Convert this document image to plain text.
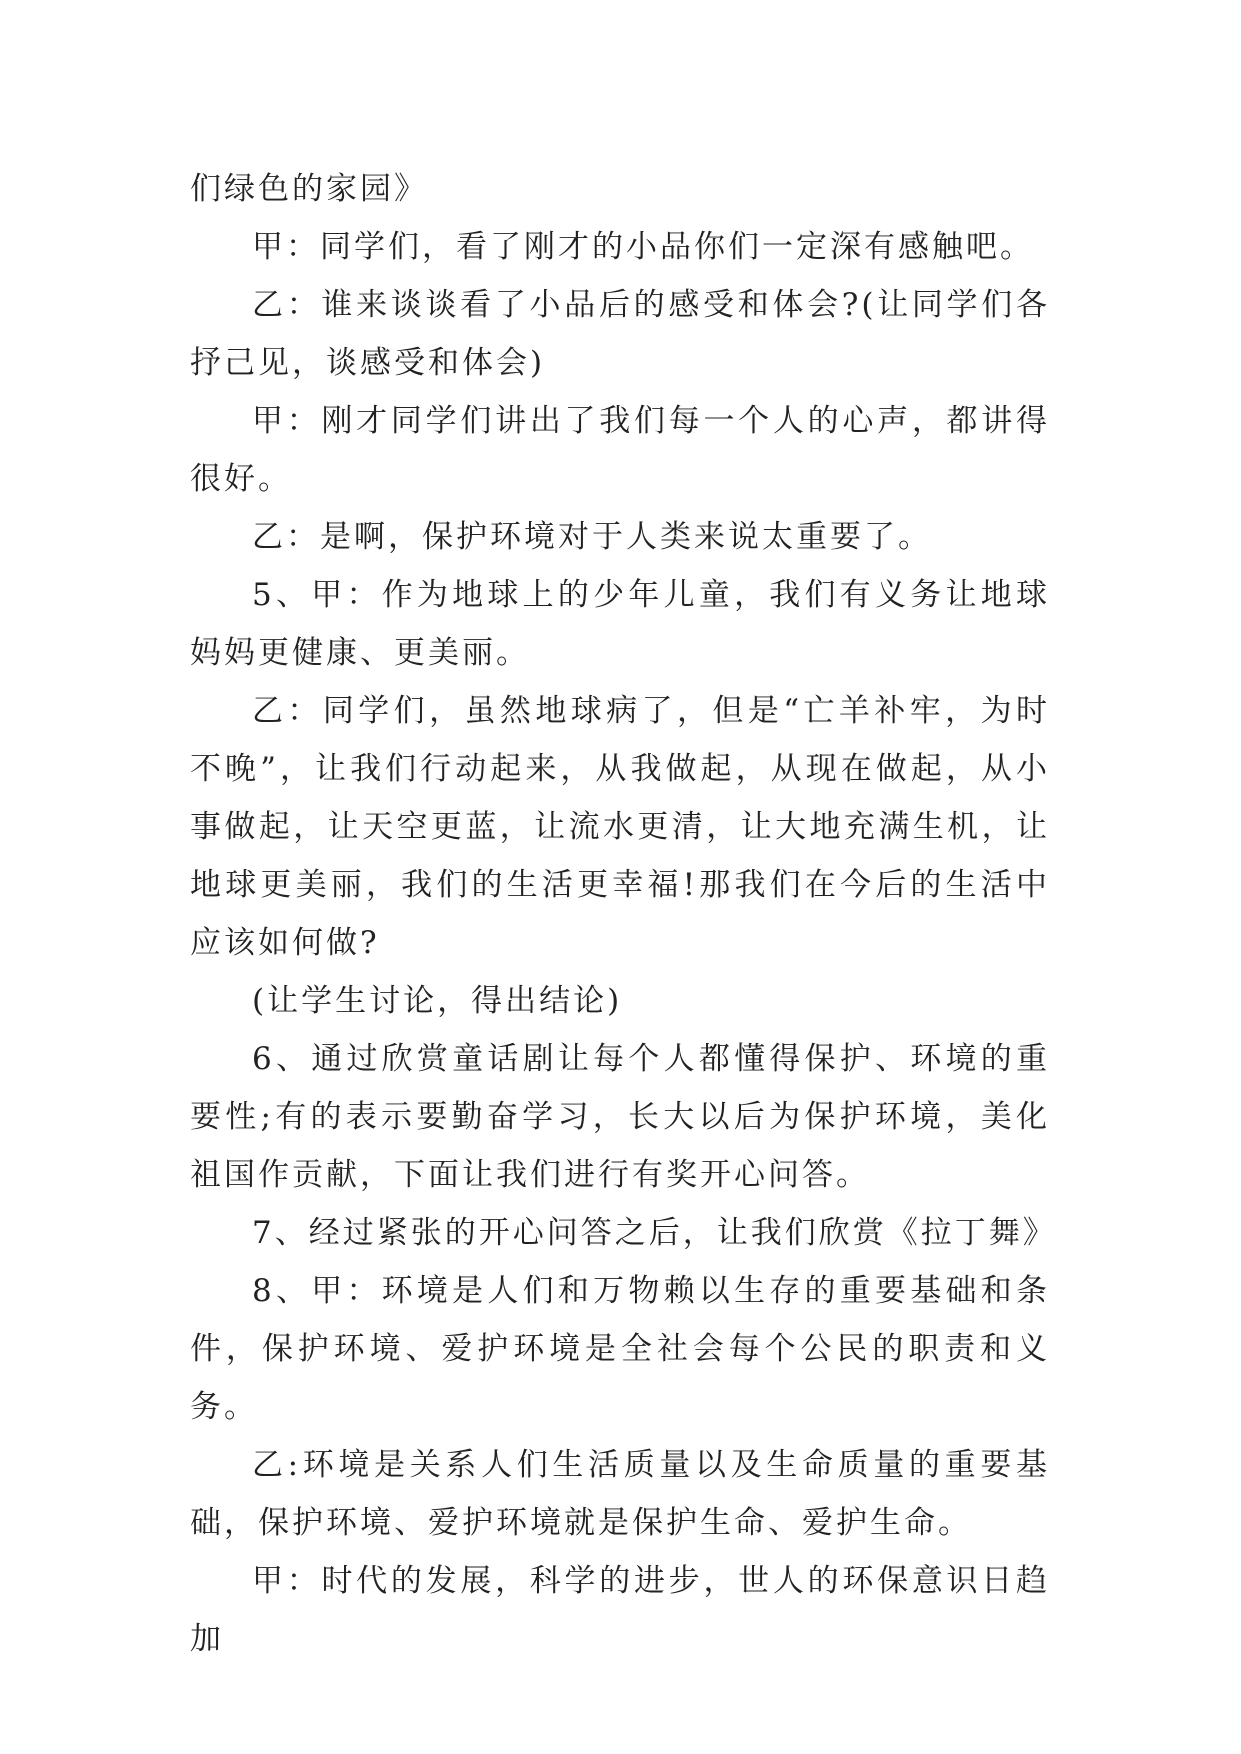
们绿色的家园》

甲：同学们，看了刚才的小品你们一定深有感触吧。

乙：谁来谈谈看了小品后的感受和体会?(让同学们各抒己见，谈感受和体会)

甲：刚才同学们讲出了我们每一个人的心声，都讲得很好。

乙：是啊，保护环境对于人类来说太重要了。

5、甲：作为地球上的少年儿童，我们有义务让地球妈妈更健康、更美丽。

乙：同学们，虽然地球病了，但是“亡羊补牢，为时不晚”，让我们行动起来，从我做起，从现在做起，从小事做起，让天空更蓝，让流水更清，让大地充满生机，让地球更美丽，我们的生活更幸福!那我们在今后的生活中应该如何做?

(让学生讨论，得出结论)

6、通过欣赏童话剧让每个人都懂得保护、环境的重要性;有的表示要勤奋学习，长大以后为保护环境，美化祖国作贡献，下面让我们进行有奖开心问答。

7、经过紧张的开心问答之后，让我们欣赏《拉丁舞》

8、甲：环境是人们和万物赖以生存的重要基础和条件，保护环境、爱护环境是全社会每个公民的职责和义务。

乙:环境是关系人们生活质量以及生命质量的重要基础，保护环境、爱护环境就是保护生命、爱护生命。

甲：时代的发展，科学的进步，世人的环保意识日趋加
